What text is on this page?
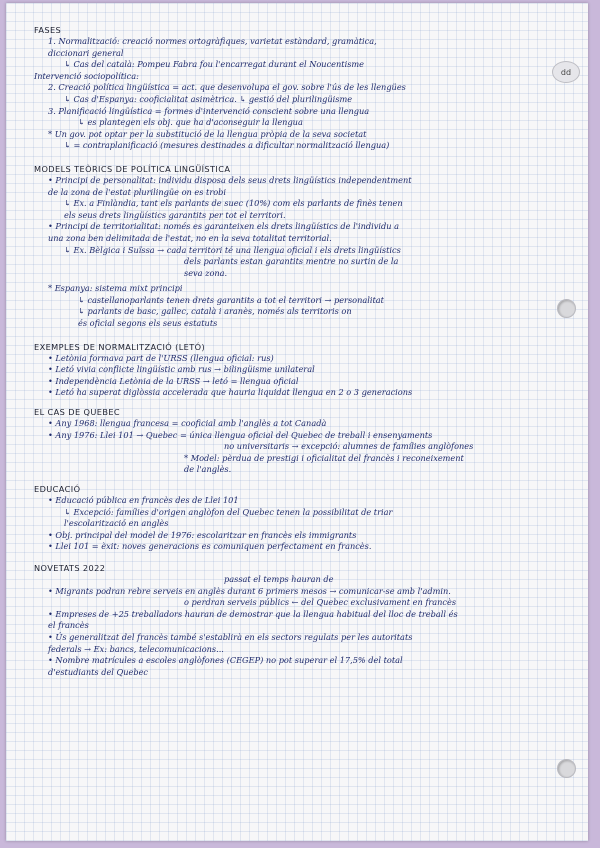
dd
FASES
1. Normalització: creació normes ortogràfiques, varietat estàndard, gramàtica,
diccionari general
↳ Cas del català: Pompeu Fabra fou l'encarregat durant el Noucentisme
Intervenció sociopolítica:
2. Creació política lingüística = act. que desenvolupa el gov. sobre l'ús de les llengües
↳ Cas d'Espanya: cooficialitat asimètrica. ↳ gestió del plurilingüisme
3. Planificació lingüística = formes d'intervenció conscient sobre una llengua
↳ es plantegen els obj. que ha d'aconseguir la llengua
* Un gov. pot optar per la substitució de la llengua pròpia de la seva societat
↳ = contraplanificació (mesures destinades a dificultar normalització llengua)
MODELS TEÒRICS DE POLÍTICA LINGÜÍSTICA
• Principi de personalitat: individu disposa dels seus drets lingüístics independentment
de la zona de l'estat plurilingüe on es trobi
↳ Ex. a Finlàndia, tant els parlants de suec (10%) com els parlants de finès tenen
els seus drets lingüístics garantits per tot el territori.
• Principi de territorialitat: només es garanteixen els drets lingüístics de l'individu a
una zona ben delimitada de l'estat, no en la seva totalitat territorial.
↳ Ex. Bèlgica i Suïssa → cada territori té una llengua oficial i els drets lingüístics
dels parlants estan garantits mentre no surtin de la
seva zona.
* Espanya: sistema mixt principi
↳ castellanoparlants tenen drets garantits a tot el territori → personalitat
↳ parlants de basc, gallec, català i aranès, només als territoris on
és oficial segons els seus estatuts
EXEMPLES DE NORMALITZACIÓ (LETÓ)
• Letònia formava part de l'URSS (llengua oficial: rus)
• Letó vivia conflicte lingüístic amb rus → bilingüisme unilateral
• Independència Letònia de la URSS → letó = llengua oficial
• Letó ha superat diglòssia accelerada que hauria liquidat llengua en 2 o 3 generacions
EL CAS DE QUEBEC
• Any 1968: llengua francesa = cooficial amb l'anglès a tot Canadà
• Any 1976: Llei 101 → Quebec = única llengua oficial del Quebec de treball i ensenyaments
no universitaris → excepció: alumnes de famílies anglòfones
* Model: pèrdua de prestigi i oficialitat del francès i reconeixement
de l'anglès.
EDUCACIÓ
• Educació pública en francès des de Llei 101
↳ Excepció: famílies d'origen anglòfon del Quebec tenen la possibilitat de triar
l'escolarització en anglès
• Obj. principal del model de 1976: escolaritzar en francès els immigrants
• Llei 101 = èxit: noves generacions es comuniquen perfectament en francès.
NOVETATS 2022
passat el temps hauran de
• Migrants podran rebre serveis en anglès durant 6 primers mesos → comunicar-se amb l'admin.
o perdran serveis públics ← del Quebec exclusivament en francès
• Empreses de +25 treballadors hauran de demostrar que la llengua habitual del lloc de treball és
el francès
• Ús generalitzat del francès també s'establirà en els sectors regulats per les autoritats
federals → Ex: bancs, telecomunicacions...
• Nombre matrícules a escoles anglòfones (CEGEP) no pot superar el 17,5% del total
d'estudiants del Quebec
